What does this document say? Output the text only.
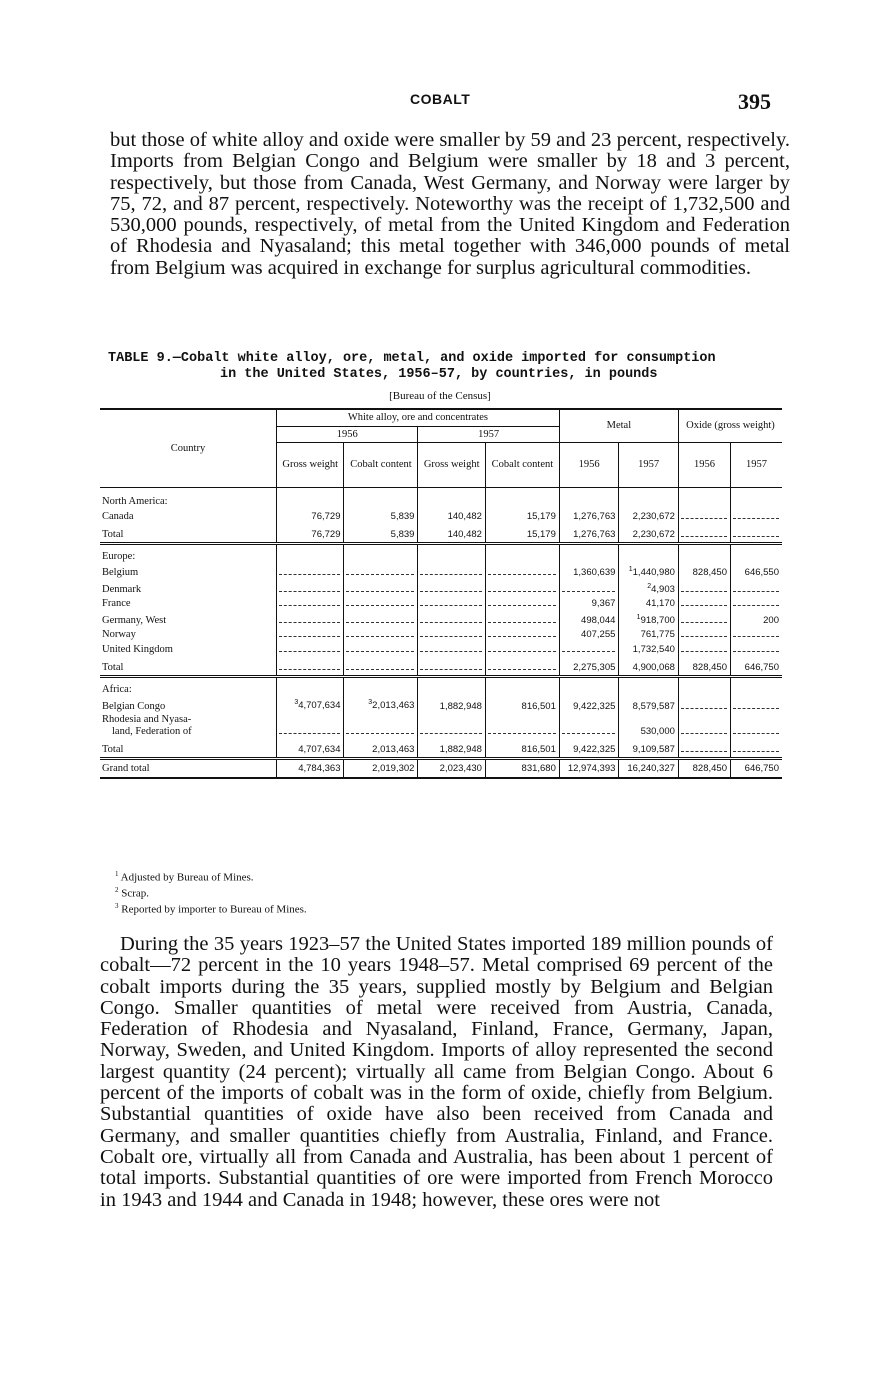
COBALT	395

but those of white alloy and oxide were smaller by 59 and 23 percent, respectively. Imports from Belgian Congo and Belgium were smaller by 18 and 3 percent, respectively, but those from Canada, West Germany, and Norway were larger by 75, 72, and 87 percent, respectively. Noteworthy was the receipt of 1,732,500 and 530,000 pounds, respectively, of metal from the United Kingdom and Federation of Rhodesia and Nyasaland; this metal together with 346,000 pounds of metal from Belgium was acquired in exchange for surplus agricultural commodities.

TABLE 9.—Cobalt white alloy, ore, metal, and oxide imported for consumption
in the United States, 1956–57, by countries, in pounds
[Bureau of the Census]
Country	White alloy, ore and concentrates				Metal		Oxide (gross weight)	
	1956		1957					
	Gross weight	Cobalt content	Gross weight	Cobalt content	1956	1957	1956	1957
North America:								
Canada	76,729	5,839	140,482	15,179	1,276,763	2,230,672		
Total	76,729	5,839	140,482	15,179	1,276,763	2,230,672		
Europe:								
Belgium					1,360,639	$^1$1,440,980	828,450	646,550
Denmark						$^2$4,903		
France					9,367	41,170		
Germany, West					498,044	$^1$918,700		200
Norway					407,255	761,775		
United Kingdom						1,732,540		
Total					2,275,305	4,900,068	828,450	646,750
Africa:								
Belgian Congo	$^3$4,707,634	$^3$2,013,463	1,882,948	816,501	9,422,325	8,579,587		
Rhodesia and Nyasa-
land, Federation of						530,000		
Total	4,707,634	2,013,463	1,882,948	816,501	9,422,325	9,109,587		
Grand total	4,784,363	2,019,302	2,023,430	831,680	12,974,393	16,240,327	828,450	646,750
$^1$ Adjusted by Bureau of Mines.
$^2$ Scrap.
$^3$ Reported by importer to Bureau of Mines.

During the 35 years 1923–57 the United States imported 189 million pounds of cobalt—72 percent in the 10 years 1948–57. Metal comprised 69 percent of the cobalt imports during the 35 years, supplied mostly by Belgium and Belgian Congo. Smaller quantities of metal were received from Austria, Canada, Federation of Rhodesia and Nyasaland, Finland, France, Germany, Japan, Norway, Sweden, and United Kingdom. Imports of alloy represented the second largest quantity (24 percent); virtually all came from Belgian Congo. About 6 percent of the imports of cobalt was in the form of oxide, chiefly from Belgium. Substantial quantities of oxide have also been received from Canada and Germany, and smaller quantities chiefly from Australia, Finland, and France. Cobalt ore, virtually all from Canada and Australia, has been about 1 percent of total imports. Substantial quantities of ore were imported from French Morocco in 1943 and 1944 and Canada in 1948; however, these ores were not
